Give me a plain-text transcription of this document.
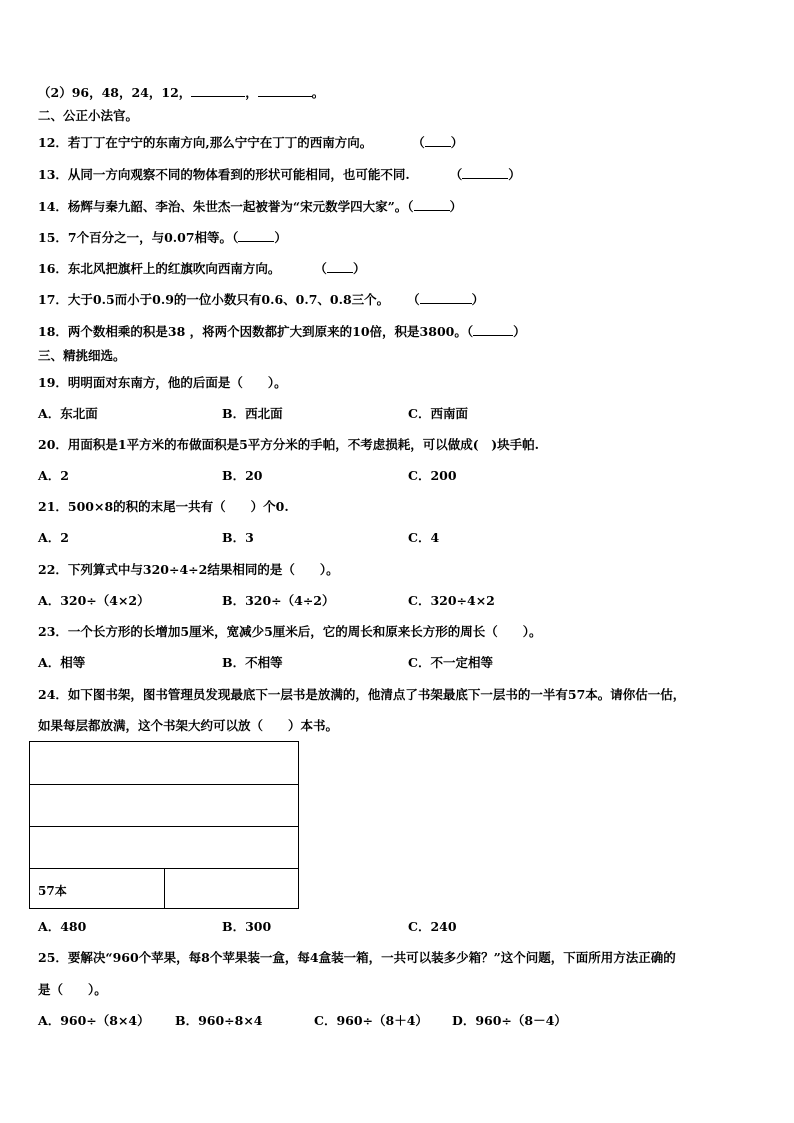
（2）96，48，24，12，	，	。
二、公正小法官。
12．若丁丁在宁宁的东南方向,那么宁宁在丁丁的西南方向。	（ ）
13．从同一方向观察不同的物体看到的形状可能相同，也可能不同.	（	）
14．杨辉与秦九韶、李治、朱世杰一起被誉为“宋元数学四大家”。（	）
15．7个百分之一，与0.07相等。（	）
16．东北风把旗杆上的红旗吹向西南方向。	（ ）
17．大于0.5而小于0.9的一位小数只有0.6、0.7、0.8三个。 （	）
18．两个数相乘的积是38 ，将两个因数都扩大到原来的10倍，积是3800。（	）
三、精挑细选。
19．明明面对东南方，他的后面是（　　）。
A．东北面	B．西北面	C．西南面
20．用面积是1平方米的布做面积是5平方分米的手帕，不考虑损耗，可以做成(　)块手帕.
A．2	B．20	C．200
21．500×8的积的末尾一共有（　　）个0.
A．2	B．3	C．4
22．下列算式中与320÷4÷2结果相同的是（　　）。
A．320÷（4×2）	B．320÷（4÷2）	C．320÷4×2
23．一个长方形的长增加5厘米，宽减少5厘米后，它的周长和原来长方形的周长（　　）。
A．相等	B．不相等	C．不一定相等
24．如下图书架，图书管理员发现最底下一层书是放满的，他清点了书架最底下一层书的一半有57本。请你估一估，
如果每层都放满，这个书架大约可以放（　　）本书。
57本
A．480	B．300	C．240
25．要解决“960个苹果，每8个苹果装一盒，每4盒装一箱，一共可以装多少箱？”这个问题，下面所用方法正确的
是（　　）。
A．960÷（8×4） B．960÷8×4	C．960÷（8＋4） D．960÷（8－4）
